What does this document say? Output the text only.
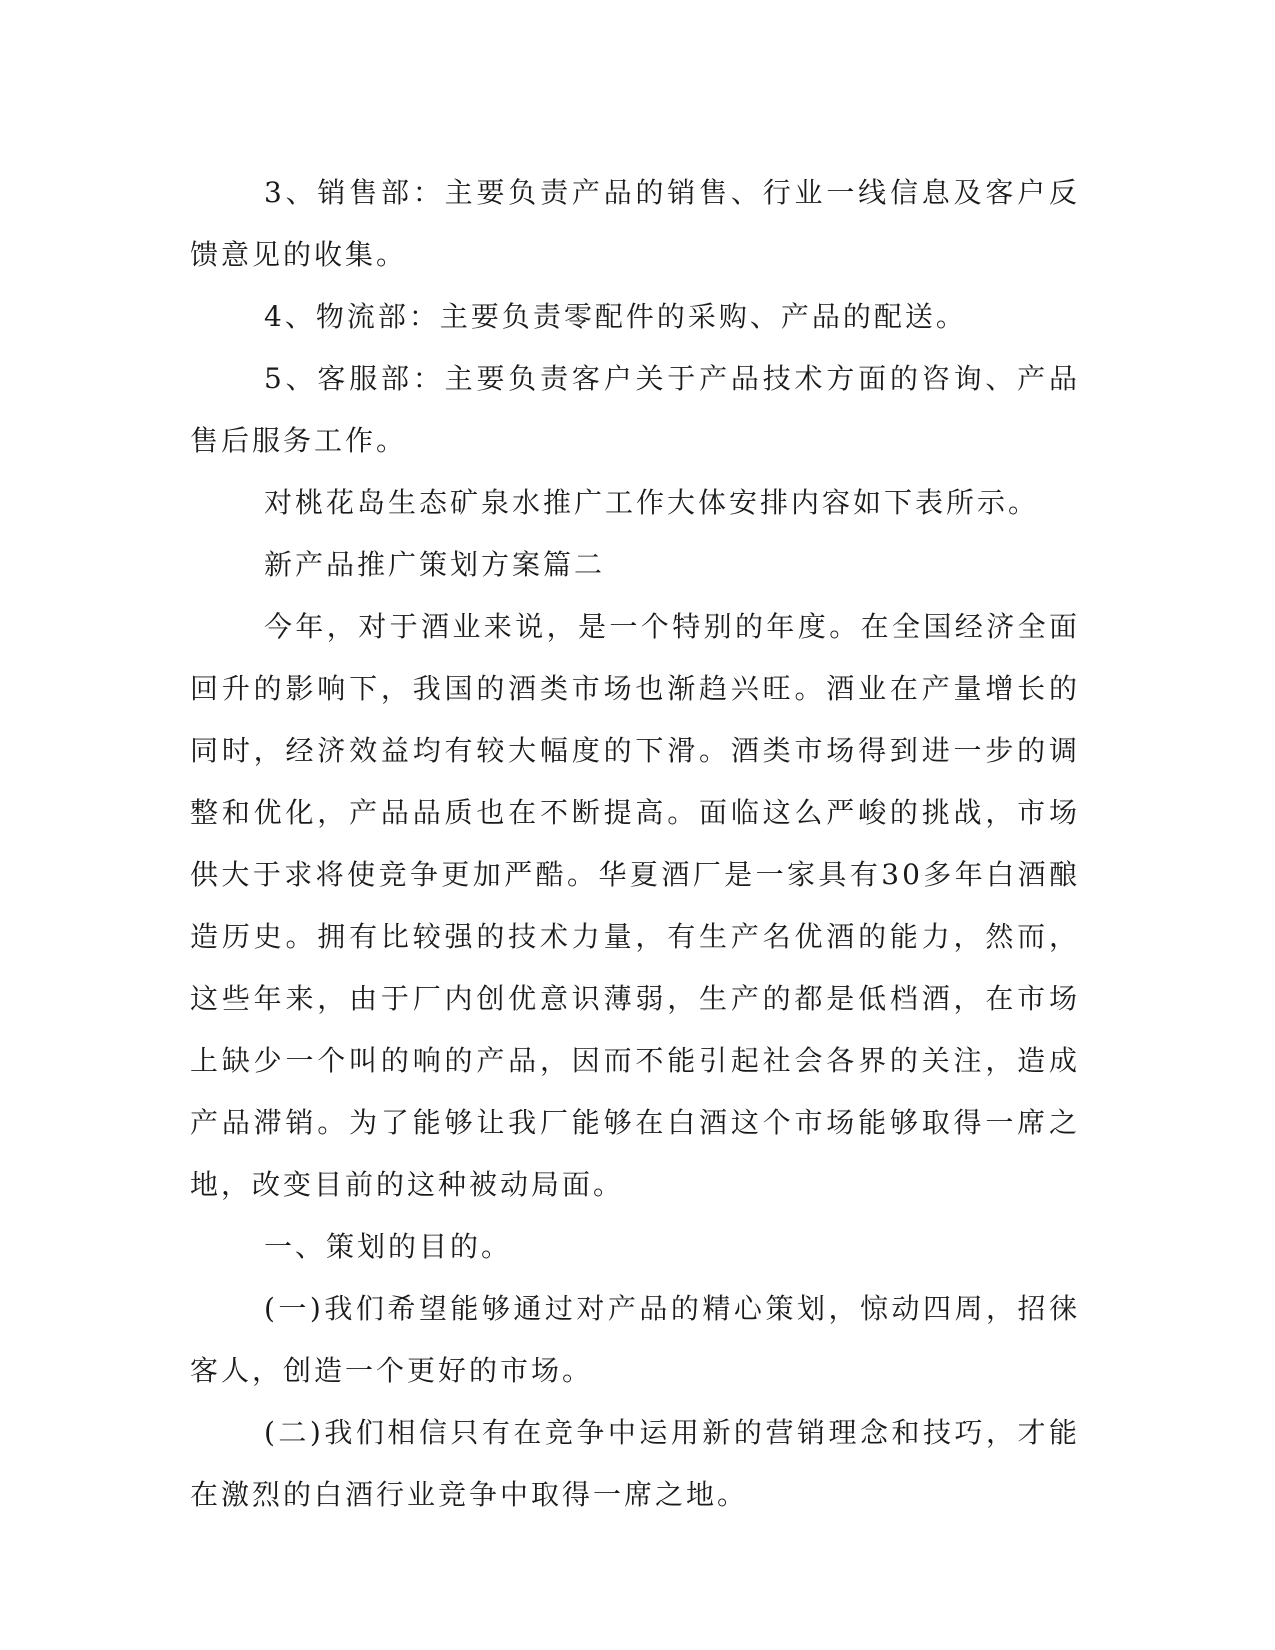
3、销售部：主要负责产品的销售、行业一线信息及客户反馈意见的收集。

4、物流部：主要负责零配件的采购、产品的配送。

5、客服部：主要负责客户关于产品技术方面的咨询、产品售后服务工作。

对桃花岛生态矿泉水推广工作大体安排内容如下表所示。

新产品推广策划方案篇二

今年，对于酒业来说，是一个特别的年度。在全国经济全面回升的影响下，我国的酒类市场也渐趋兴旺。酒业在产量增长的同时，经济效益均有较大幅度的下滑。酒类市场得到进一步的调整和优化，产品品质也在不断提高。面临这么严峻的挑战，市场供大于求将使竞争更加严酷。华夏酒厂是一家具有30多年白酒酿造历史。拥有比较强的技术力量，有生产名优酒的能力，然而，这些年来，由于厂内创优意识薄弱，生产的都是低档酒，在市场上缺少一个叫的响的产品，因而不能引起社会各界的关注，造成产品滞销。为了能够让我厂能够在白酒这个市场能够取得一席之地，改变目前的这种被动局面。

一、策划的目的。

(一)我们希望能够通过对产品的精心策划，惊动四周，招徕客人，创造一个更好的市场。

(二)我们相信只有在竞争中运用新的营销理念和技巧，才能在激烈的白酒行业竞争中取得一席之地。
